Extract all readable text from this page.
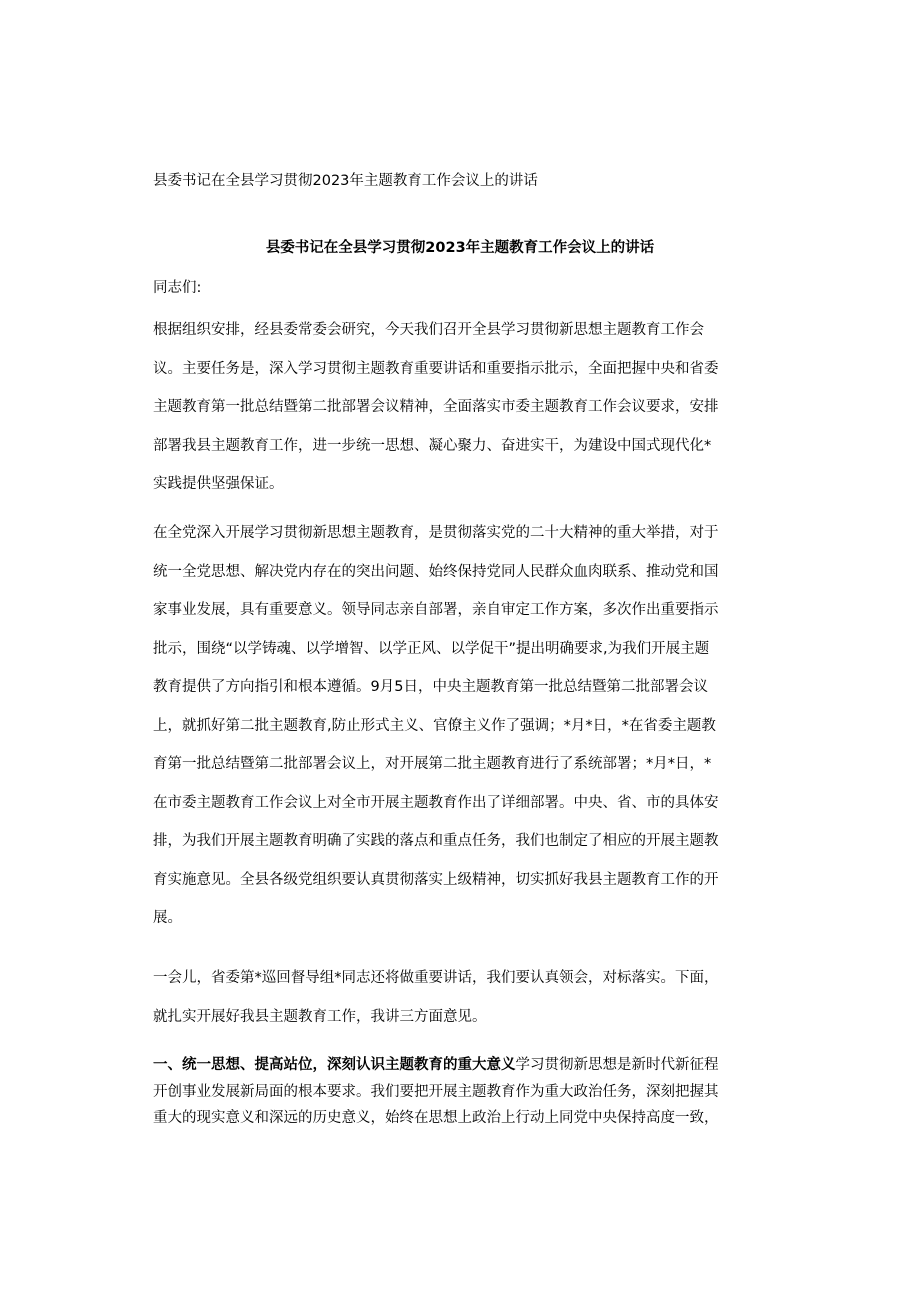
县委书记在全县学习贯彻2023年主题教育工作会议上的讲话
县委书记在全县学习贯彻2023年主题教育工作会议上的讲话
同志们:
根据组织安排，经县委常委会研究，今天我们召开全县学习贯彻新思想主题教育工作会
议。主要任务是，深入学习贯彻主题教育重要讲话和重要指示批示，全面把握中央和省委
主题教育第一批总结暨第二批部署会议精神，全面落实市委主题教育工作会议要求，安排
部署我县主题教育工作，进一步统一思想、凝心聚力、奋进实干，为建设中国式现代化*
实践提供坚强保证。
在全党深入开展学习贯彻新思想主题教育，是贯彻落实党的二十大精神的重大举措，对于
统一全党思想、解决党内存在的突出问题、始终保持党同人民群众血肉联系、推动党和国
家事业发展，具有重要意义。领导同志亲自部署，亲自审定工作方案，多次作出重要指示
批示，围绕“以学铸魂、以学增智、以学正风、以学促干”提出明确要求,为我们开展主题
教育提供了方向指引和根本遵循。9月5日，中央主题教育第一批总结暨第二批部署会议
上，就抓好第二批主题教育,防止形式主义、官僚主义作了强调；*月*日，*在省委主题教
育第一批总结暨第二批部署会议上，对开展第二批主题教育进行了系统部署；*月*日，*
在市委主题教育工作会议上对全市开展主题教育作出了详细部署。中央、省、市的具体安
排，为我们开展主题教育明确了实践的落点和重点任务，我们也制定了相应的开展主题教
育实施意见。全县各级党组织要认真贯彻落实上级精神，切实抓好我县主题教育工作的开
展。
一会儿，省委第*巡回督导组*同志还将做重要讲话，我们要认真领会，对标落实。下面，
就扎实开展好我县主题教育工作，我讲三方面意见。
一、统一思想、提高站位，深刻认识主题教育的重大意义学习贯彻新思想是新时代新征程
开创事业发展新局面的根本要求。我们要把开展主题教育作为重大政治任务，深刻把握其
重大的现实意义和深远的历史意义，始终在思想上政治上行动上同党中央保持高度一致，
